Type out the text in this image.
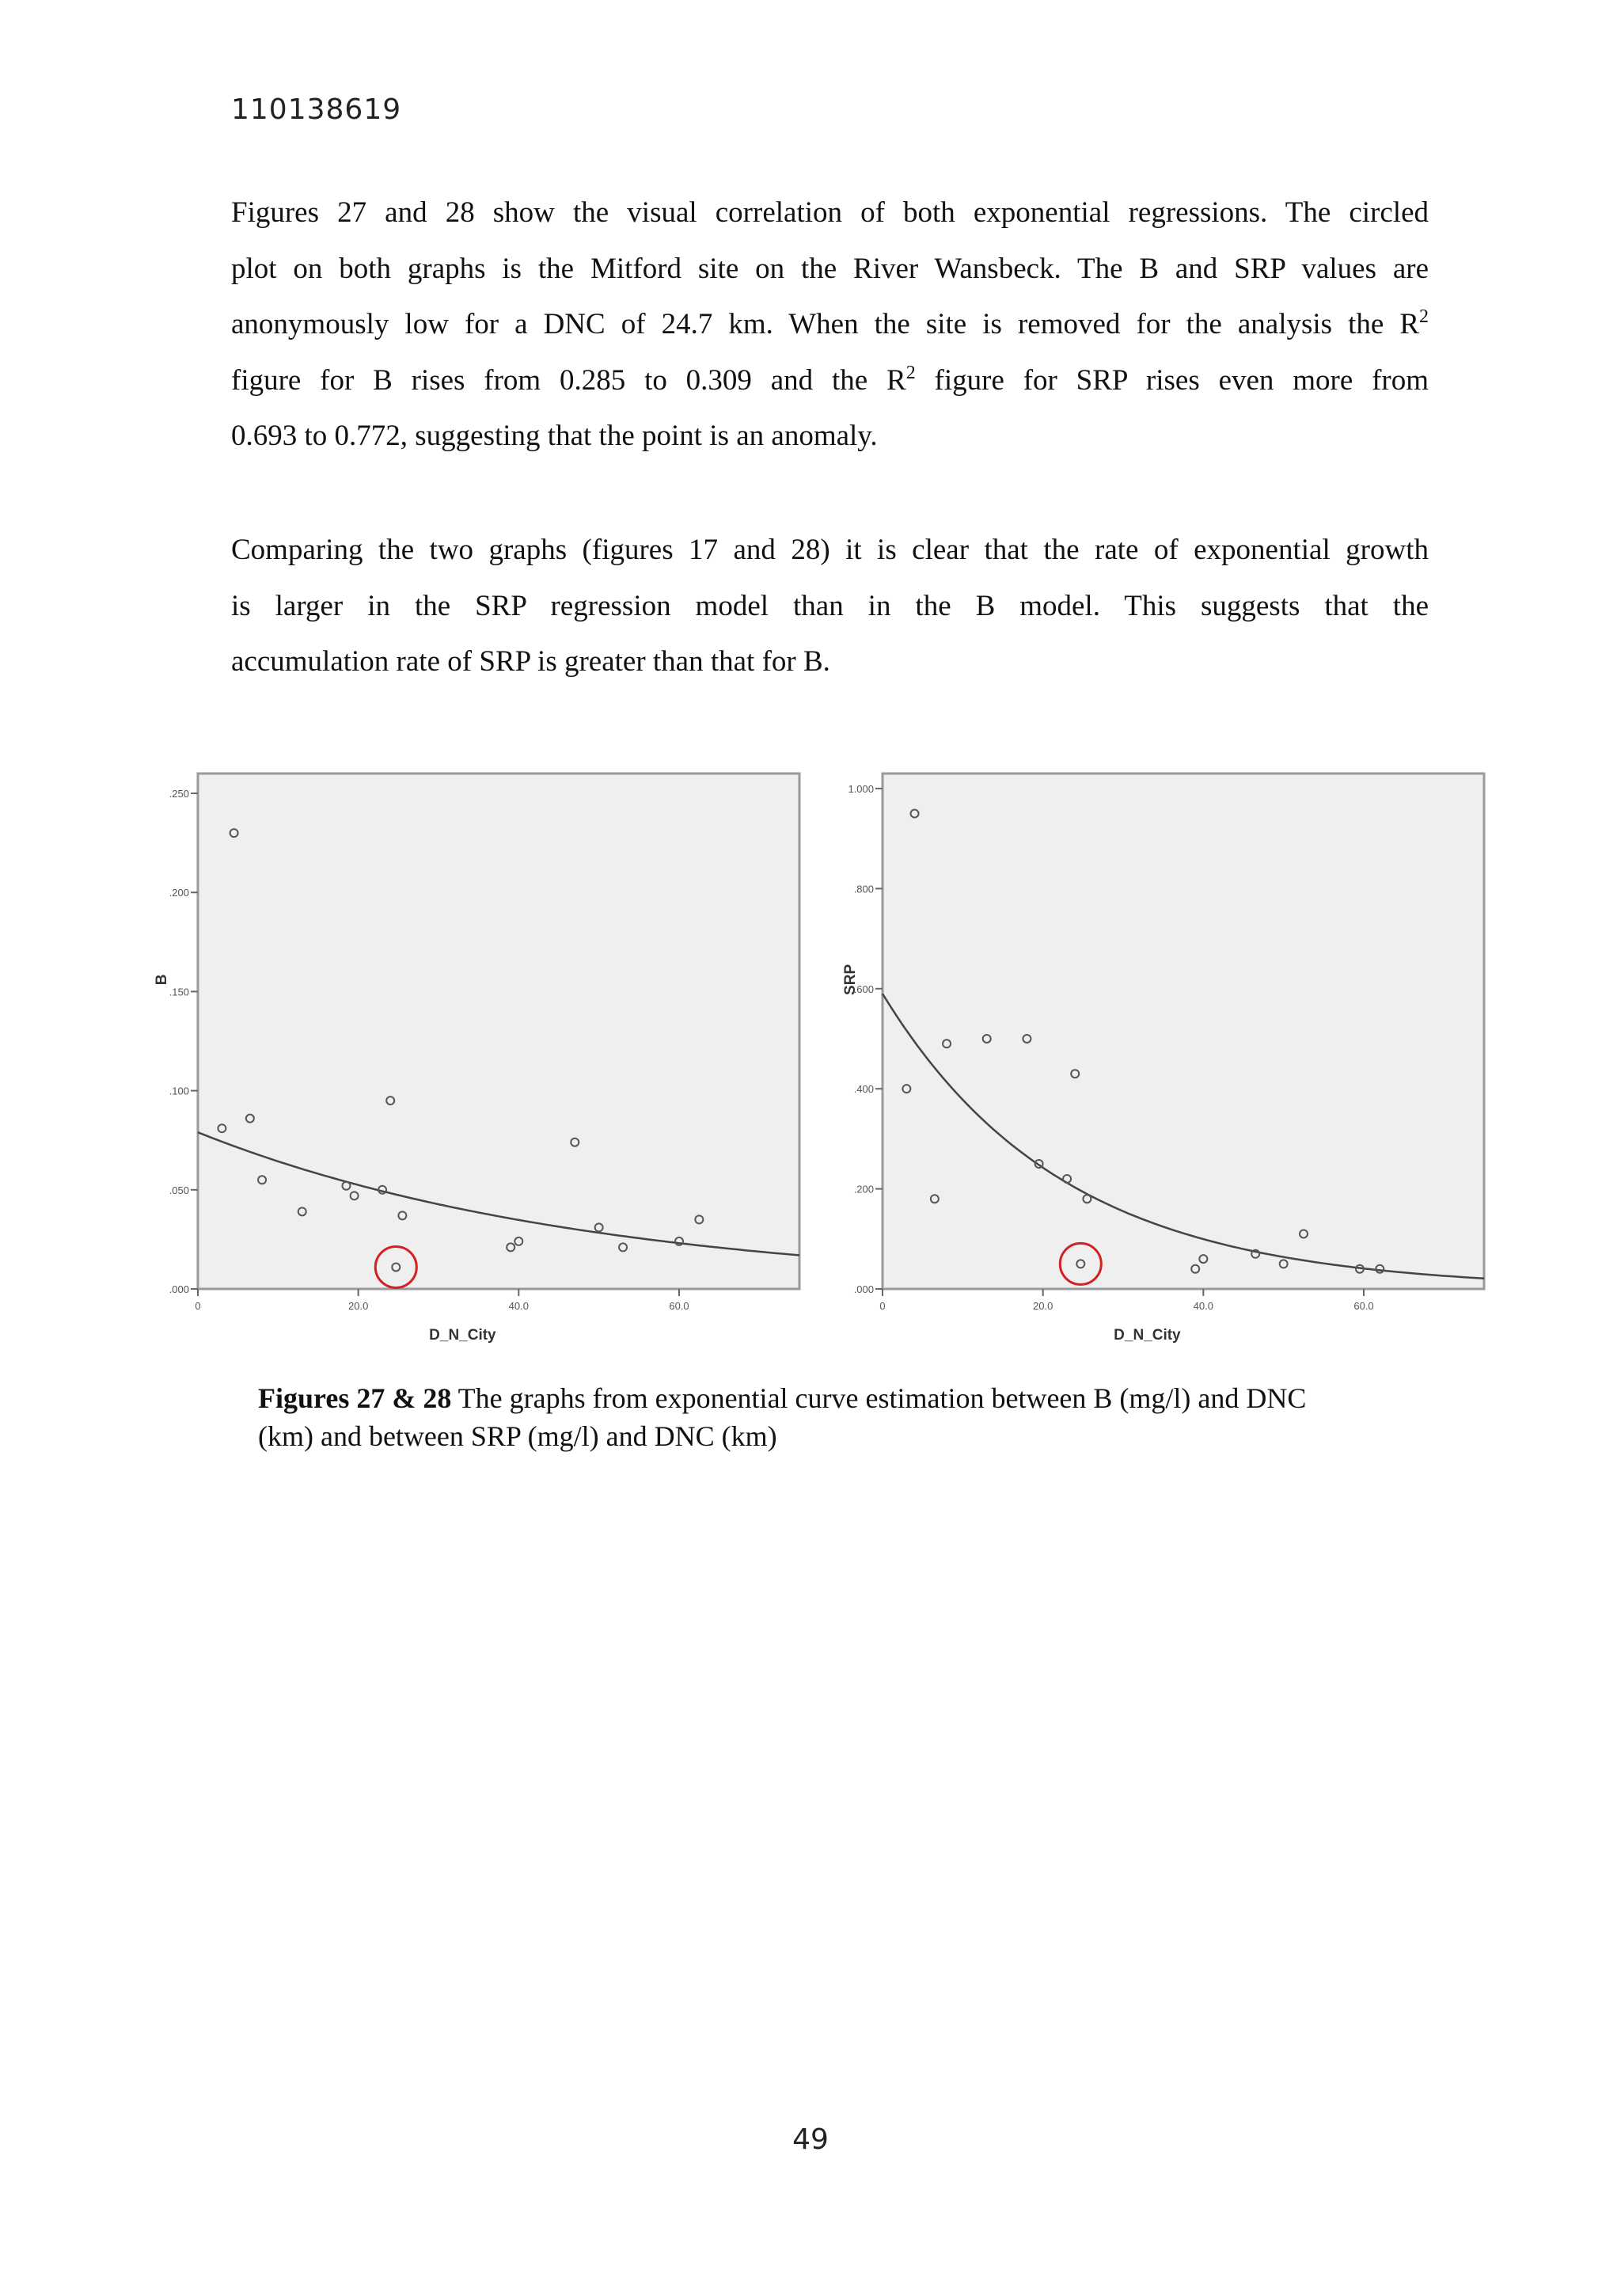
110138619

Figures 27 and 28 show the visual correlation of both exponential regressions. The circled
plot on both graphs is the Mitford site on the River Wansbeck. The B and SRP values are
anonymously low for a DNC of 24.7 km. When the site is removed for the analysis the $R^2$
figure for B rises from 0.285 to 0.309 and the $R^2$ figure for SRP rises even more from
0.693 to 0.772, suggesting that the point is an anomaly.

Comparing the two graphs (figures 17 and 28) it is clear that the rate of exponential growth
is larger in the SRP regression model than in the B model. This suggests that the
accumulation rate of SRP is greater than that for B.

.000
.050
.100
.150
.200
.250
0	20.0	40.0	60.0
D_N_City
B
.000
.200
.400
.600
.800
1.000
0	20.0	40.0	60.0
D_N_City
SRP
Figures 27 & 28 The graphs from exponential curve estimation between B (mg/l) and DNC
(km) and between SRP (mg/l) and DNC (km)
49
